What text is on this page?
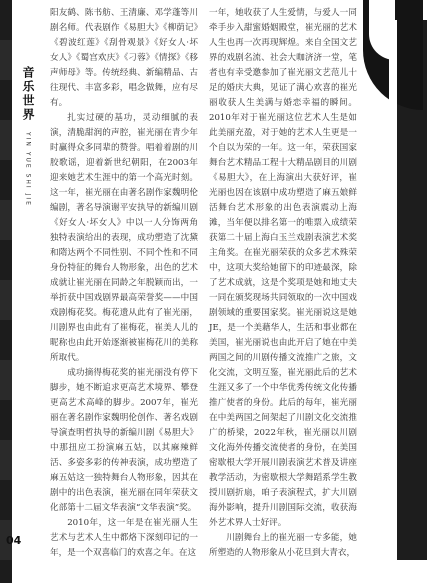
音乐世界
YIN YUE SHI JIE
04

阳友鹤、陈书舫、王清廉、邓学蓬等川剧名师。代表剧作《易胆大》《柳荫记》《碧波红莲》《刮骨观景》《好女人·坏女人》《蜀宫欢庆》《刁蓉》《情探》《移声师母》等。传统经典、新编精品、古往现代、丰富多彩，唱念做舞，应有尽有。

扎实过硬的基功，灵动细腻的表演，清脆甜润的声腔，崔光丽在青少年时赢得众多同辈的赞誉。唱着着剧的川胶歌谣，迎着新世纪朝阳，在2003年迎来她艺术生涯中的第一个高光时刻。这一年，崔光丽在由著名剧作家魏明伦编剧，著名导演谢平安执导的新编川剧《好女人·坏女人》中以一人分饰两角独特表演给出的表现，成功塑造了沈黛和隋达两个不同性别、不同个性和不同身份特征的舞台人物形象，出色的艺术成就让崔光丽在同龄之年脱颖而出，一举折获中国戏剧界最高荣誉奖——中国戏剧梅花奖。梅花遗从此有了崔光丽，川剧界也由此有了崔梅花，崔美人儿的昵称也由此开始逐渐被崔梅花川的美称所取代。

成功摘得梅花奖的崔光丽没有停下脚步，她不断追求更高艺术境界、攀登更高艺术高峰的脚步。2007年，崔光丽在著名剧作家魏明伦创作、著名戏剧导演查明哲执导的新编川剧《易胆大》中那扭应工扮演麻五姑，以其麻辣鲜活、多姿多彩的传神表演，成功塑造了麻五姑这一独特舞台人物形象，因其在剧中的出色表演，崔光丽在同年荣获文化部第十二届文华表演“文华表演”奖。

2010年，这一年是在崔光丽人生艺术与艺术人生中都烙下深刻印记的一年，是一个双喜临门的欢喜之年。在这

一年，她收获了人生爱情，与爱人一同牵手步入甜蜜婚姻殿堂，崔光丽的艺术人生也再一次再现辉煌。来自全国文艺界的戏剧名流、社会大咖济济一堂，笔者也有幸受邀参加了崔光丽文艺范儿十足的婚庆大典，见证了满心欢喜的崔光丽收获人生美满与婚恋幸福的瞬间。2010年对于崔光丽这位艺术人生是如此美丽充盈，对于她的艺术人生更是一个自以为荣的一年。这一年，荣获国家舞台艺术精品工程十大精品剧目的川剧《易胆大》，在上海演出大获好评，崔光丽也因在该剧中成功塑造了麻五娘鲜活舞台艺术形象的出色表演震动上海滩，当年便以排名第一的唯票入成绩荣获第二十届上海白玉兰戏剧表演艺术奖主角奖。在崔光丽荣获的众多艺术殊荣中，这项大奖给她留下的印迹最深，除了艺术成就，这是个奖项是她和地丈夫一同在颁奖现场共同领取的一次中国戏剧领域的重要国家奖。崔光丽说这是她JE，是一个美藉华人，生活和事业都在美国，崔光丽说也由此开启了她在中美两国之间的川剧传播文流推广之旅，文化交流，文明互鉴，崔光丽此后的艺术生涯又多了一个中华优秀传统文化传播推广使者的身份。此后的每年，崔光丽在中美两国之间架起了川剧文化交流推广的桥梁，2022年秋，崔光丽以川剧文化海外传播交流使者的身份，在美国密歇根大学开展川剧表演艺术普及讲座教学活动，为密歇根大学舞蹈系学生教授川剧折扇，咱子表演程式，扩大川剧海外影响，提升川剧国际交流，收获海外艺术界人士好评。

川剧舞台上的崔光丽一专多能，她所塑造的人物形象从小花旦到大青衣，
